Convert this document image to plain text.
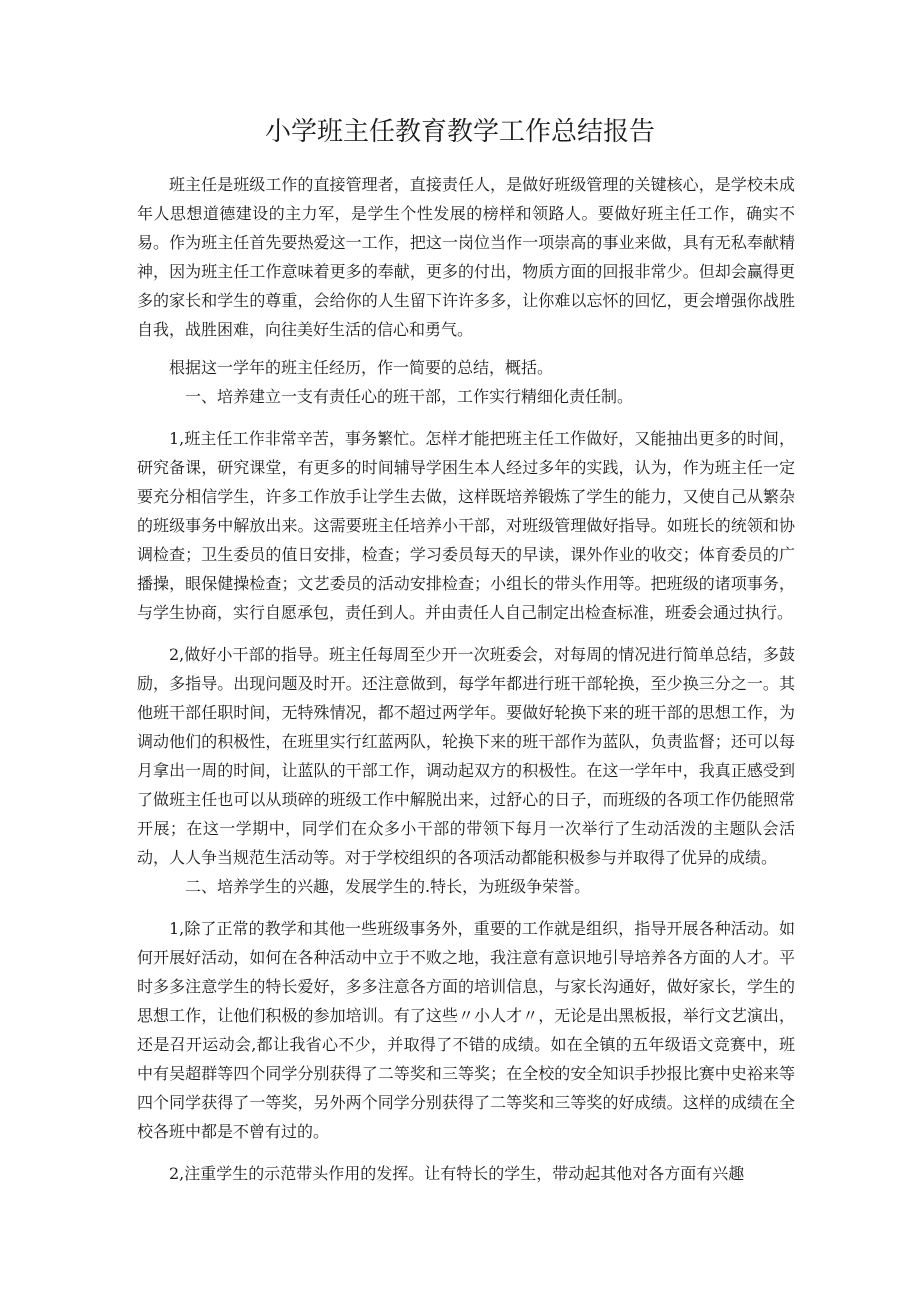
小学班主任教育教学工作总结报告

班主任是班级工作的直接管理者，直接责任人，是做好班级管理的关键核心，是学校未成年人思想道德建设的主力军，是学生个性发展的榜样和领路人。要做好班主任工作，确实不易。作为班主任首先要热爱这一工作，把这一岗位当作一项崇高的事业来做，具有无私奉献精神，因为班主任工作意味着更多的奉献，更多的付出，物质方面的回报非常少。但却会赢得更多的家长和学生的尊重，会给你的人生留下许许多多，让你难以忘怀的回忆，更会增强你战胜自我，战胜困难，向往美好生活的信心和勇气。

根据这一学年的班主任经历，作一简要的总结，概括。

一、培养建立一支有责任心的班干部，工作实行精细化责任制。

1,班主任工作非常辛苦，事务繁忙。怎样才能把班主任工作做好，又能抽出更多的时间，研究备课，研究课堂，有更多的时间辅导学困生本人经过多年的实践，认为，作为班主任一定要充分相信学生，许多工作放手让学生去做，这样既培养锻炼了学生的能力，又使自己从繁杂的班级事务中解放出来。这需要班主任培养小干部，对班级管理做好指导。如班长的统领和协调检查；卫生委员的值日安排，检查；学习委员每天的早读，课外作业的收交；体育委员的广播操，眼保健操检查；文艺委员的活动安排检查；小组长的带头作用等。把班级的诸项事务，与学生协商，实行自愿承包，责任到人。并由责任人自己制定出检查标准，班委会通过执行。

2,做好小干部的指导。班主任每周至少开一次班委会，对每周的情况进行简单总结，多鼓励，多指导。出现问题及时开。还注意做到，每学年都进行班干部轮换，至少换三分之一。其他班干部任职时间，无特殊情况，都不超过两学年。要做好轮换下来的班干部的思想工作，为调动他们的积极性，在班里实行红蓝两队，轮换下来的班干部作为蓝队，负责监督；还可以每月拿出一周的时间，让蓝队的干部工作，调动起双方的积极性。在这一学年中，我真正感受到了做班主任也可以从琐碎的班级工作中解脱出来，过舒心的日子，而班级的各项工作仍能照常开展；在这一学期中，同学们在众多小干部的带领下每月一次举行了生动活泼的主题队会活动，人人争当规范生活动等。对于学校组织的各项活动都能积极参与并取得了优异的成绩。

二、培养学生的兴趣，发展学生的.特长，为班级争荣誉。

1,除了正常的教学和其他一些班级事务外，重要的工作就是组织，指导开展各种活动。如何开展好活动，如何在各种活动中立于不败之地，我注意有意识地引导培养各方面的人才。平时多多注意学生的特长爱好，多多注意各方面的培训信息，与家长沟通好，做好家长，学生的思想工作，让他们积极的参加培训。有了这些〃小人才〃，无论是出黑板报，举行文艺演出，还是召开运动会,都让我省心不少，并取得了不错的成绩。如在全镇的五年级语文竞赛中，班中有吴超群等四个同学分别获得了二等奖和三等奖；在全校的安全知识手抄报比赛中史裕来等四个同学获得了一等奖，另外两个同学分别获得了二等奖和三等奖的好成绩。这样的成绩在全校各班中都是不曾有过的。

2,注重学生的示范带头作用的发挥。让有特长的学生，带动起其他对各方面有兴趣
